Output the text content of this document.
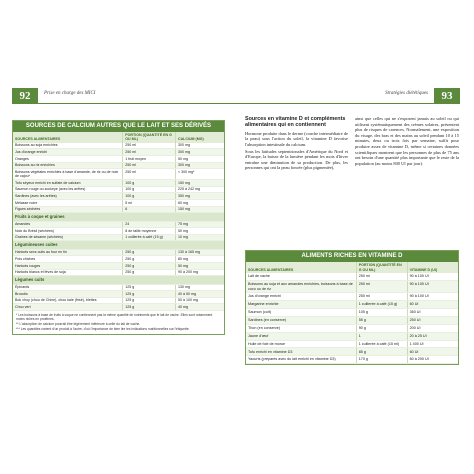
92	Prise en charge des MICI
SOURCES DE CALCIUM AUTRES QUE LE LAIT ET SES DÉRIVÉS
SOURCES ALIMENTAIRES	PORTION (QUANTITÉ EN G OU ML)	CALCIUM (MG)
Boissons au soja enrichies	250 ml	300 mg
Jus d'orange enrichi	250 ml	300 mg
Oranges	1 fruit moyen	50 mg
Boissons au riz enrichies	250 ml	300 mg
Boissons végétales enrichies à base d'amande, de riz ou de noix de cajou*	250 ml	< 300 mg*
Tofu séyeux enrichi en sulfate de calcium	100 g	150 mg
Saumon rouge ou sockeye (avec les arêtes)	100 g	225 à 242 mg
Sardines (avec les arêtes)	100 g	350 mg
Mélasse noire	5 ml	60 mg
Figues séchées	6	150 mg
Fruits à coque et graines		
Amandes	24	75 mg
Noix du Brésil (séchées)	8 de taille moyenne	50 mg
Graines de sésame (séchées)	1 cuillerée à café (15 g)	10 mg
Légumineuses cuites		
Haricots secs cuits au four en tin	250 g	130 à 165 mg
Pois chiches	250 g	80 mg
Haricots rouges	250 g	50 mg
Haricots blancs et fèves de soja	250 g	90 à 200 mg
Légumes cuits		
Épinards	125 g	130 mg
Brocolis	125 g	40 à 50 mg
Bok choy (chou de Chine), chou kale (frisé), blettes	125 g	50 à 100 mg
Chou vert	125 g	40 mg

* Les boissons à base de fruits à coque ne contiennent pas la même quantité de nutriments que le lait de vache. Elles sont notamment moins riches en protéines.

** L'absorption de calcium pourrait être légèrement inférieure à celle du lait de vache.

*** Les quantités varient d'un produit à l'autre, d'où l'importance de bien lire les indications nutritionnelles sur l'étiquette.

Stratégies diététiques	93
Sources en vitamine D et compléments alimentaires qui en contiennent

Hormone produite dans le derme (couche intermédiaire de la peau) sous l'action du soleil, la vitamine D favorise l'absorption intestinale du calcium.

Sous les latitudes septentrionales d'Amérique du Nord et d'Europe, la baisse de la lumière pendant les mois d'hiver entraîne une diminution de sa production. De plus, les personnes qui ont la peau foncée (plus pigmentée),

ainsi que celles qui ne s'exposent jamais au soleil ou qui utilisent systématiquement des crèmes solaires, présentent plus de risques de carences. Normalement, une exposition du visage, des bras et des mains au soleil pendant 10 à 15 minutes, deux ou trois fois par semaine, suffit pour produire assez de vitamine D, même si certaines données scientifiques montrent que les personnes de plus de 75 ans ont besoin d'une quantité plus importante que le reste de la population (au moins 800 UI par jour).

ALIMENTS RICHES EN VITAMINE D
SOURCES ALIMENTAIRES	PORTION (QUANTITÉ EN G OU ML)	VITAMINE D (UI)
Lait de vache	250 ml	90 à 100 UI
Boissons au soja et aux amandes enrichies, boissons à base de coco ou de riz	250 ml	90 à 100 UI
Jus d'orange enrichi	250 ml	90 à 100 UI
Margarine enrichie	1 cuillerée à café (15 g)	60 UI
Saumon (cuit)	105 g	360 UI
Sardines (en conserve)	55 g	250 UI
Thon (en conserve)	90 g	200 UI
Jaune d'œuf	1	20 à 25 UI
Huile de foie de morue	1 cuillerée à café (15 ml)	1 400 UI
Tofu enrichi en vitamine D3	85 g	60 UI
Yaourts (préparés avec du lait enrichi en vitamine D3)	170 g	60 à 200 UI
